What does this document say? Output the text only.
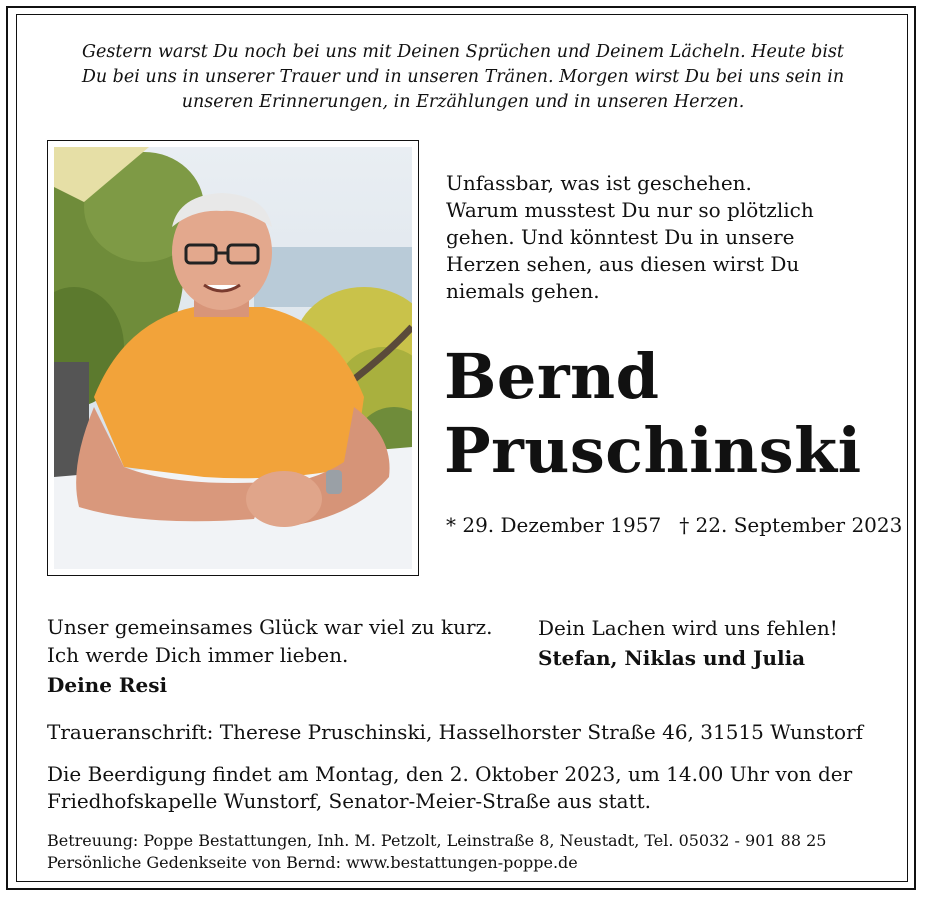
Gestern warst Du noch bei uns mit Deinen Sprüchen und Deinem Lächeln. Heute bist
Du bei uns in unserer Trauer und in unseren Tränen. Morgen wirst Du bei uns sein in
unseren Erinnerungen, in Erzählungen und in unseren Herzen.
Unfassbar, was ist geschehen.
Warum musstest Du nur so plötzlich
gehen. Und könntest Du in unsere
Herzen sehen, aus diesen wirst Du
niemals gehen.
Bernd
Pruschinski
* 29. Dezember 1957 † 22. September 2023
Unser gemeinsames Glück war viel zu kurz.
Ich werde Dich immer lieben.
Deine Resi
Dein Lachen wird uns fehlen!
Stefan, Niklas und Julia
Traueranschrift: Therese Pruschinski, Hasselhorster Straße 46, 31515 Wunstorf
Die Beerdigung findet am Montag, den 2. Oktober 2023, um 14.00 Uhr von der
Friedhofskapelle Wunstorf, Senator-Meier-Straße aus statt.
Betreuung: Poppe Bestattungen, Inh. M. Petzolt, Leinstraße 8, Neustadt, Tel. 05032 - 901 88 25
Persönliche Gedenkseite von Bernd: www.bestattungen-poppe.de
